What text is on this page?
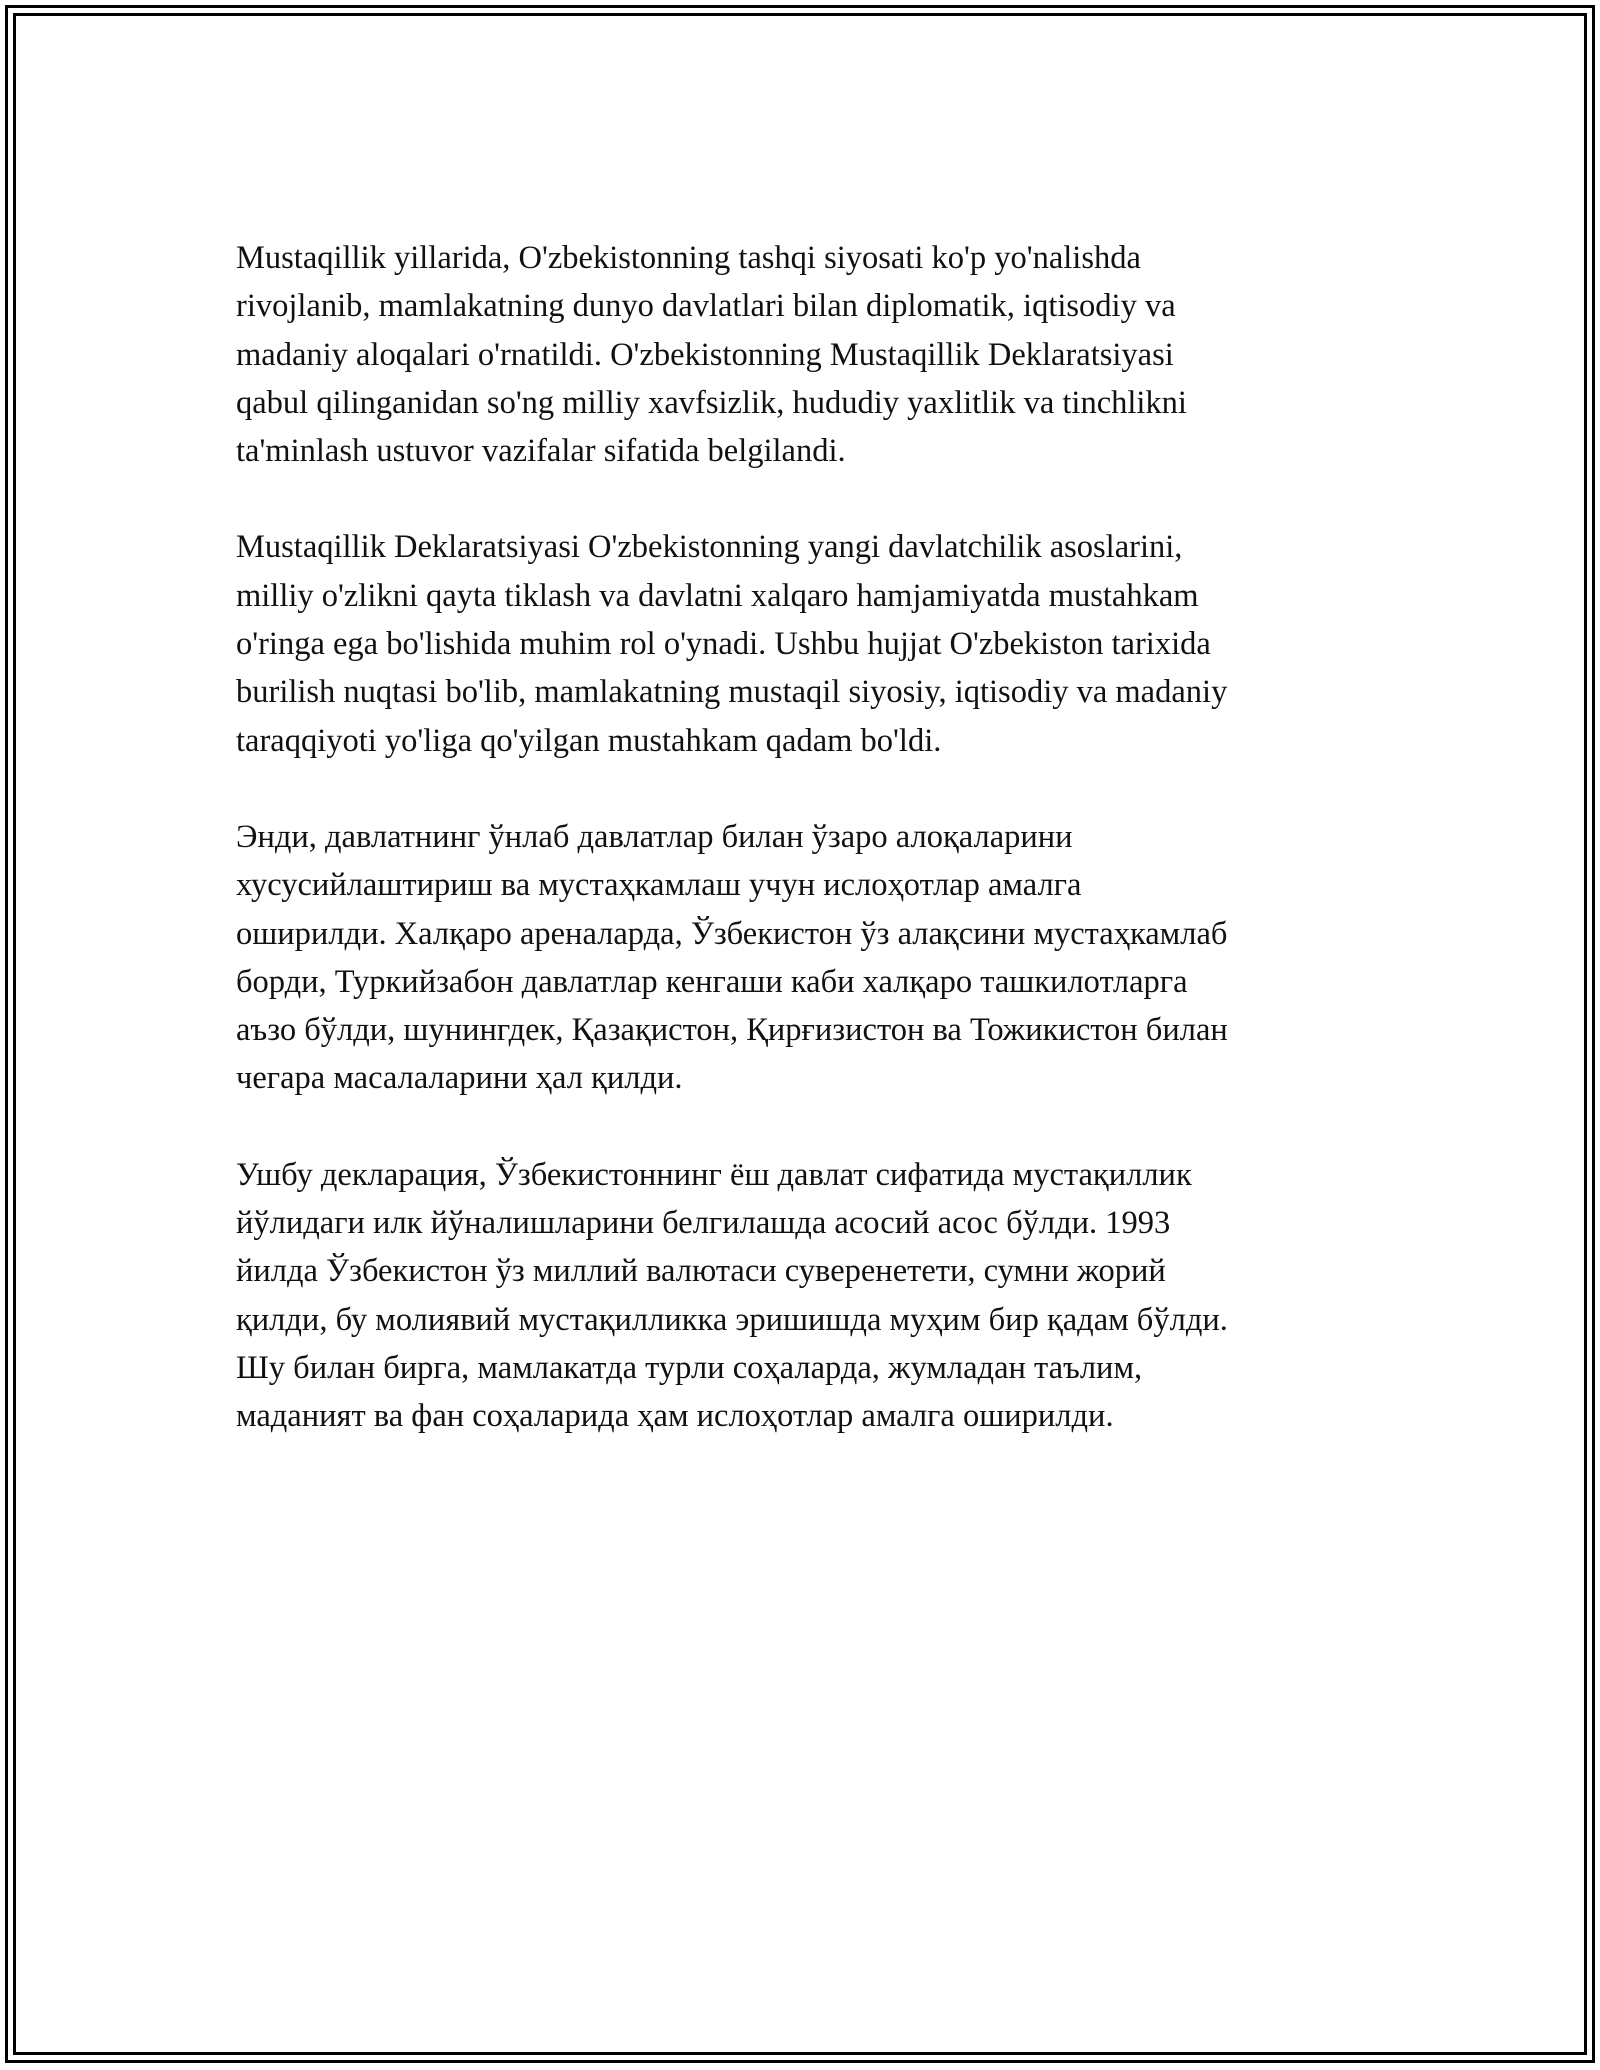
Mustaqillik yillarida, O'zbekistonning tashqi siyosati ko'p yo'nalishda
rivojlanib, mamlakatning dunyo davlatlari bilan diplomatik, iqtisodiy va
madaniy aloqalari o'rnatildi. O'zbekistonning Mustaqillik Deklaratsiyasi
qabul qilinganidan so'ng milliy xavfsizlik, hududiy yaxlitlik va tinchlikni
ta'minlash ustuvor vazifalar sifatida belgilandi.

Mustaqillik Deklaratsiyasi O'zbekistonning yangi davlatchilik asoslarini,
milliy o'zlikni qayta tiklash va davlatni xalqaro hamjamiyatda mustahkam
o'ringa ega bo'lishida muhim rol o'ynadi. Ushbu hujjat O'zbekiston tarixida
burilish nuqtasi bo'lib, mamlakatning mustaqil siyosiy, iqtisodiy va madaniy
taraqqiyoti yo'liga qo'yilgan mustahkam qadam bo'ldi.

Энди, давлатнинг ўнлаб давлатлар билан ўзаро алоқаларини
хусусийлаштириш ва мустаҳкамлаш учун ислоҳотлар амалга
оширилди. Халқаро ареналарда, Ўзбекистон ўз алақсини мустаҳкамлаб
борди, Туркийзабон давлатлар кенгаши каби халқаро ташкилотларга
аъзо бўлди, шунингдек, Қазақистон, Қирғизистон ва Тожикистон билан
чегара масалаларини ҳал қилди.

Ушбу декларация, Ўзбекистоннинг ёш давлат сифатида мустақиллик
йўлидаги илк йўналишларини белгилашда асосий асос бўлди. 1993
йилда Ўзбекистон ўз миллий валютаси суверенетети, сумни жорий
қилди, бу молиявий мустақилликка эришишда муҳим бир қадам бўлди.
Шу билан бирга, мамлакатда турли соҳаларда, жумладан таълим,
маданият ва фан соҳаларида ҳам ислоҳотлар амалга оширилди.
